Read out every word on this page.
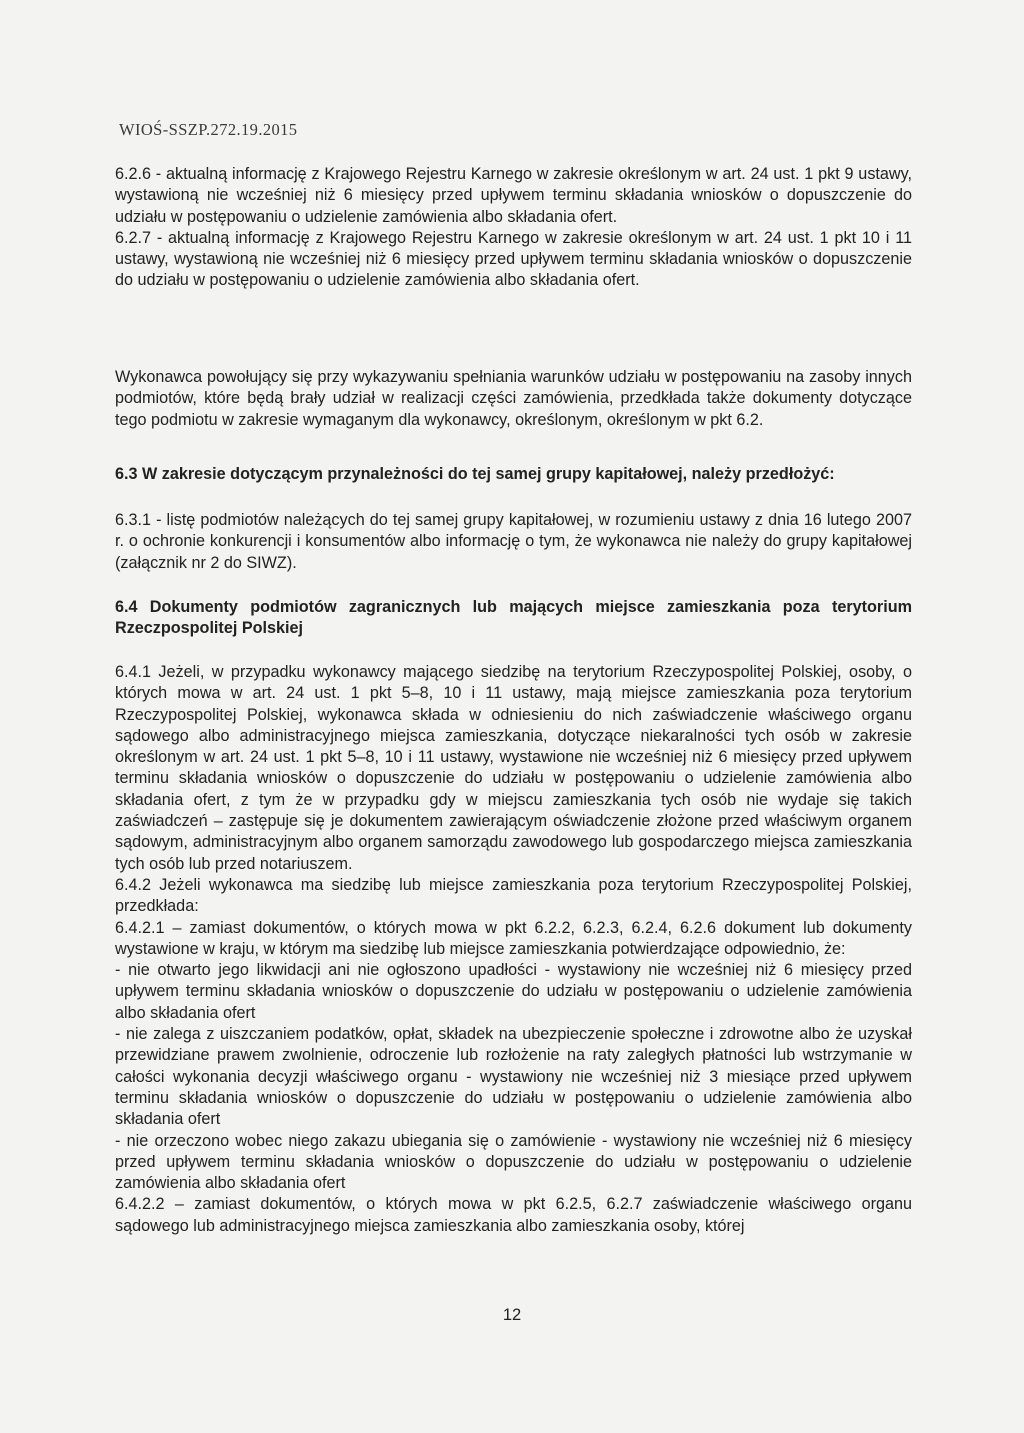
WIOŚ-SSZP.272.19.2015

6.2.6 - aktualną informację z Krajowego Rejestru Karnego w zakresie określonym w art. 24 ust. 1 pkt 9 ustawy, wystawioną nie wcześniej niż 6 miesięcy przed upływem terminu składania wniosków o dopuszczenie do udziału w postępowaniu o udzielenie zamówienia albo składania ofert.

6.2.7 - aktualną informację z Krajowego Rejestru Karnego w zakresie określonym w art. 24 ust. 1 pkt 10 i 11 ustawy, wystawioną nie wcześniej niż 6 miesięcy przed upływem terminu składania wniosków o dopuszczenie do udziału w postępowaniu o udzielenie zamówienia albo składania ofert.

Wykonawca powołujący się przy wykazywaniu spełniania warunków udziału w postępowaniu na zasoby innych podmiotów, które będą brały udział w realizacji części zamówienia, przedkłada także dokumenty dotyczące tego podmiotu w zakresie wymaganym dla wykonawcy, określonym, określonym w pkt 6.2.

6.3 W zakresie dotyczącym przynależności do tej samej grupy kapitałowej, należy przedłożyć:

6.3.1 - listę podmiotów należących do tej samej grupy kapitałowej, w rozumieniu ustawy z dnia 16 lutego 2007 r. o ochronie konkurencji i konsumentów albo informację o tym, że wykonawca nie należy do grupy kapitałowej (załącznik nr 2 do SIWZ).

6.4 Dokumenty podmiotów zagranicznych lub mających miejsce zamieszkania poza terytorium Rzeczpospolitej Polskiej

6.4.1 Jeżeli, w przypadku wykonawcy mającego siedzibę na terytorium Rzeczypospolitej Polskiej, osoby, o których mowa w art. 24 ust. 1 pkt 5–8, 10 i 11 ustawy, mają miejsce zamieszkania poza terytorium Rzeczypospolitej Polskiej, wykonawca składa w odniesieniu do nich zaświadczenie właściwego organu sądowego albo administracyjnego miejsca zamieszkania, dotyczące niekaralności tych osób w zakresie określonym w art. 24 ust. 1 pkt 5–8, 10 i 11 ustawy, wystawione nie wcześniej niż 6 miesięcy przed upływem terminu składania wniosków o dopuszczenie do udziału w postępowaniu o udzielenie zamówienia albo składania ofert, z tym że w przypadku gdy w miejscu zamieszkania tych osób nie wydaje się takich zaświadczeń – zastępuje się je dokumentem zawierającym oświadczenie złożone przed właściwym organem sądowym, administracyjnym albo organem samorządu zawodowego lub gospodarczego miejsca zamieszkania tych osób lub przed notariuszem.

6.4.2 Jeżeli wykonawca ma siedzibę lub miejsce zamieszkania poza terytorium Rzeczypospolitej Polskiej, przedkłada:

6.4.2.1 – zamiast dokumentów, o których mowa w pkt 6.2.2, 6.2.3, 6.2.4, 6.2.6 dokument lub dokumenty wystawione w kraju, w którym ma siedzibę lub miejsce zamieszkania potwierdzające odpowiednio, że:

- nie otwarto jego likwidacji ani nie ogłoszono upadłości - wystawiony nie wcześniej niż 6 miesięcy przed upływem terminu składania wniosków o dopuszczenie do udziału w postępowaniu o udzielenie zamówienia albo składania ofert

- nie zalega z uiszczaniem podatków, opłat, składek na ubezpieczenie społeczne i zdrowotne albo że uzyskał przewidziane prawem zwolnienie, odroczenie lub rozłożenie na raty zaległych płatności lub wstrzymanie w całości wykonania decyzji właściwego organu - wystawiony nie wcześniej niż 3 miesiące przed upływem terminu składania wniosków o dopuszczenie do udziału w postępowaniu o udzielenie zamówienia albo składania ofert

- nie orzeczono wobec niego zakazu ubiegania się o zamówienie - wystawiony nie wcześniej niż 6 miesięcy przed upływem terminu składania wniosków o dopuszczenie do udziału w postępowaniu o udzielenie zamówienia albo składania ofert

6.4.2.2 – zamiast dokumentów, o których mowa w pkt 6.2.5, 6.2.7 zaświadczenie właściwego organu sądowego lub administracyjnego miejsca zamieszkania albo zamieszkania osoby, której

12
